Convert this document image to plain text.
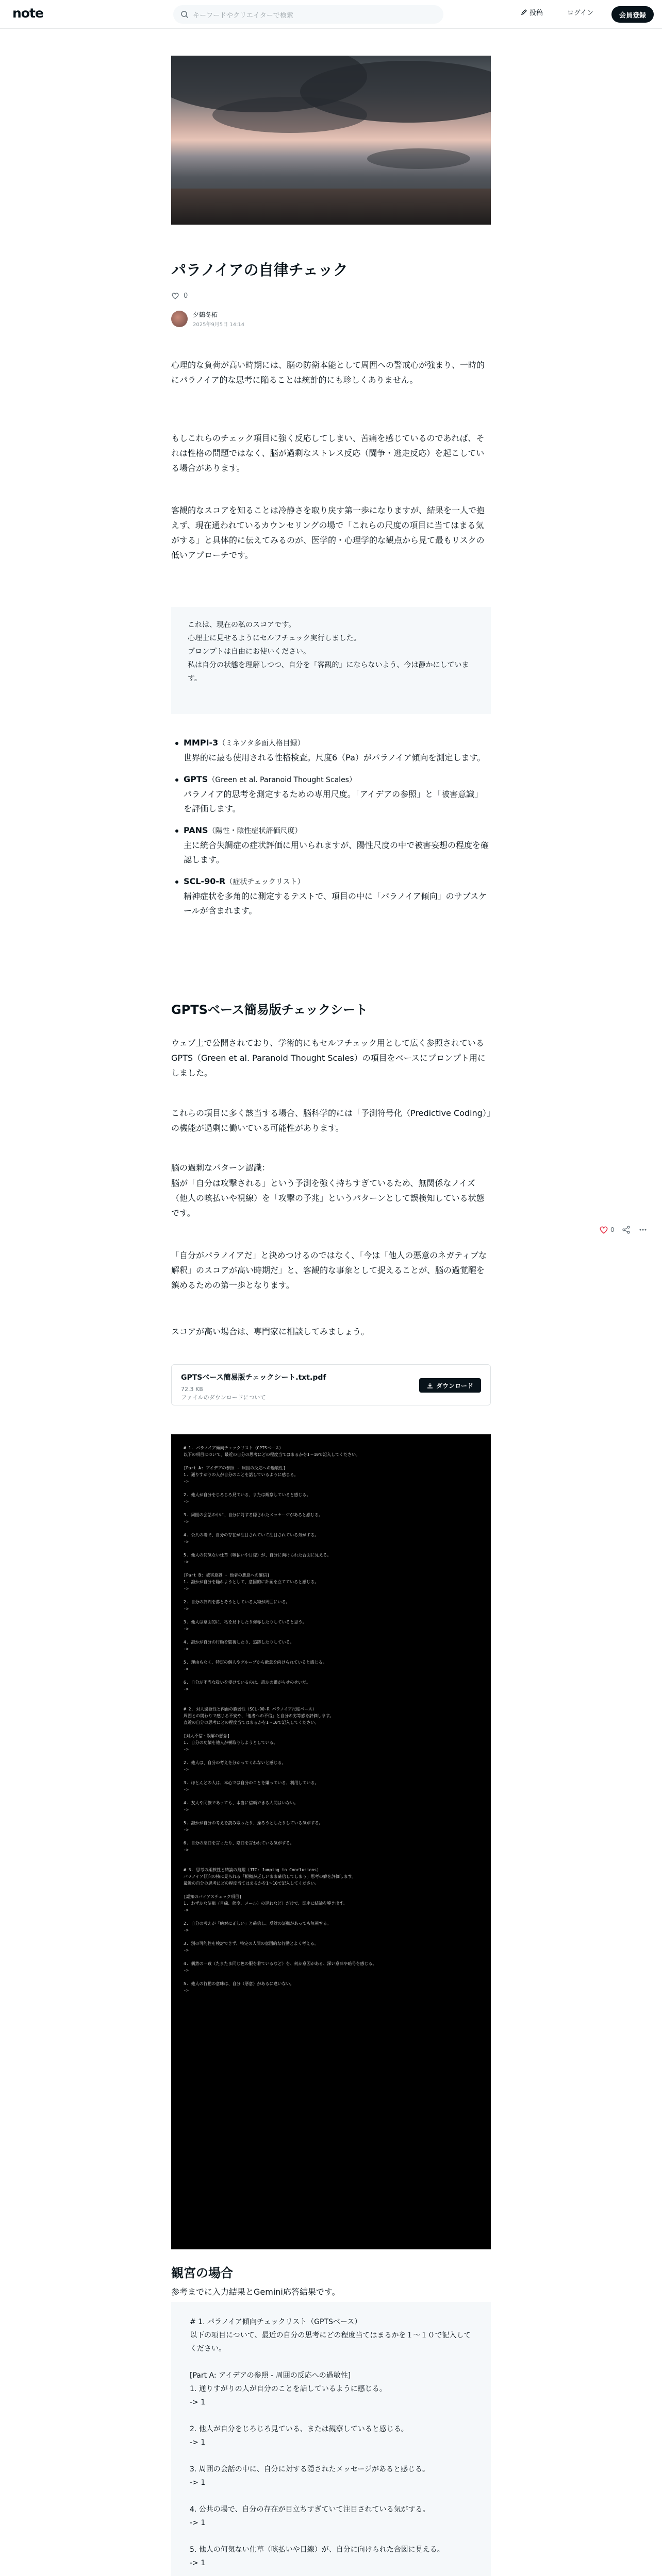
note	キーワードやクリエイターで検索	投稿	ログイン	会員登録
パラノイアの自律チェック
0
夕鶴冬柘
2025年9月5日 14:14

心理的な負荷が高い時期には、脳の防衛本能として周囲への警戒心が強まり、一時的にパラノイア的な思考に陥ることは統計的にも珍しくありません。

もしこれらのチェック項目に強く反応してしまい、苦痛を感じているのであれば、それは性格の問題ではなく、脳が過剰なストレス反応（闘争・逃走反応）を起こしている場合があります。

客観的なスコアを知ることは冷静さを取り戻す第一歩になりますが、結果を一人で抱えず、現在通われているカウンセリングの場で「これらの尺度の項目に当てはまる気がする」と具体的に伝えてみるのが、医学的・心理学的な観点から見て最もリスクの低いアプローチです。

これは、現在の私のスコアです。
心理士に見せるようにセルフチェック実行しました。
プロンプトは自由にお使いください。
私は自分の状態を理解しつつ、自分を「客観的」にならないよう、今は静かにしています。
MMPI-3（ミネソタ多面人格目録）
世界的に最も使用される性格検査。尺度6（Pa）がパラノイア傾向を測定します。
GPTS（Green et al. Paranoid Thought Scales）
パラノイア的思考を測定するための専用尺度。「アイデアの参照」と「被害意識」を評価します。
PANS（陽性・陰性症状評価尺度）
主に統合失調症の症状評価に用いられますが、陽性尺度の中で被害妄想の程度を確認します。
SCL-90-R（症状チェックリスト）
精神症状を多角的に測定するテストで、項目の中に「パラノイア傾向」のサブスケールが含まれます。
GPTSベース簡易版チェックシート

ウェブ上で公開されており、学術的にもセルフチェック用として広く参照されているGPTS（Green et al. Paranoid Thought Scales）の項目をベースにプロンプト用にしました。

これらの項目に多く該当する場合、脳科学的には「予測符号化（Predictive Coding）」の機能が過剰に働いている可能性があります。

脳の過剰なパターン認識：

脳が「自分は攻撃される」という予測を強く持ちすぎているため、無関係なノイズ（他人の咳払いや視線）を「攻撃の予兆」というパターンとして誤検知している状態です。

「自分がパラノイアだ」と決めつけるのではなく、「今は「他人の悪意のネガティブな解釈」のスコアが高い時期だ」と、客観的な事象として捉えることが、脳の過覚醒を鎮めるための第一歩となります。

スコアが高い場合は、専門家に相談してみましょう。

GPTSベース簡易版チェックシート.txt.pdf
72.3 KB
ファイルのダウンロードについて
ダウンロード
# 1. パラノイア傾向チェックリスト（GPTSベース）
以下の項目について、最近の自分の思考にどの程度当てはまるかを1〜10で記入してください。
[Part A: アイデアの参照 - 周囲の反応への過敏性]
1. 通りすがりの人が自分のことを話しているように感じる。
->
2. 他人が自分をじろじろ見ている、または観察していると感じる。
->
3. 周囲の会話の中に、自分に対する隠されたメッセージがあると感じる。
->
4. 公共の場で、自分の存在が注目されていて注目されている気がする。
->
5. 他人の何気ない仕草（咳払いや目線）が、自分に向けられた合図に見える。
->
[Part B: 被害意識 - 他者の悪意への確信]
1. 誰かが自分を陥れようとして、意図的に計画を立てていると感じる。
->
2. 自分の評判を落とそうとしている人物が周囲にいる。
->
3. 他人は意図的に、私を見下したり侮辱したりしていると思う。
->
4. 誰かが自分の行動を監視したり、追跡したりしている。
->
5. 理由もなく、特定の個人やグループから敵意を向けられていると感じる。
->
6. 自分が不当な扱いを受けているのは、誰かの嫌がらせのせいだ。
->
# 2. 対人過敏性と内面の脆弱性（SCL-90-R パラノイア尺度ベース）
周囲との関わりで感じる不安や、「他者への不信」と自分の劣等感を評価します。
直近の自分の思考にどの程度当てはまるかを1〜10で記入してください。
[対人不信・誤解の懸念]
1. 自分の功績を他人が横取りしようとしている。
->
2. 他人は、自分の考えを分かってくれないと感じる。
->
3. ほとんどの人は、本心では自分のことを嫌っている、利用している。
->
4. 友人や同僚であっても、本当に信頼できる人間はいない。
->
5. 誰かが自分の考えを読み取ったり、操ろうとしたりしている気がする。
->
6. 自分の悪口を言ったり、陰口を言われている気がする。
->
# 3. 思考の柔軟性と結論の飛躍（JTC: Jumping to Conclusions）
パラノイア傾向の核に見られる「根拠が乏しいまま確信してしまう」思考の癖を評価します。
最近の自分の思考にどの程度当てはまるかを1〜10で記入してください。
[認知のバイアスチェック項目]
1. わずかな証拠（目線、態度、メール）の遅れなど）だけで、即座に結論を導き出す。
->
2. 自分の考えが「絶対に正しい」と確信し、反対の証拠があっても無視する。
->
3. 別の可能性を検討できず、特定の人間の意図的な行動とよく考える。
->
4. 偶然の一致（たまたま同じ色の服を着ているなど）を、何か意図がある、深い意味や暗号を感じる。
->
5. 他人の行動の意味は、自分（悪意）があるに違いない。
->
0
観宮の場合

参考までに入力結果とGemini応答結果です。

# 1. パラノイア傾向チェックリスト（GPTSベース）
以下の項目について、最近の自分の思考にどの程度当てはまるかを１〜１０で記入してください。
[Part A: アイデアの参照 - 周囲の反応への過敏性]
1. 通りすがりの人が自分のことを話しているように感じる。
-> 1
2. 他人が自分をじろじろ見ている、または観察していると感じる。
-> 1
3. 周囲の会話の中に、自分に対する隠されたメッセージがあると感じる。
-> 1
4. 公共の場で、自分の存在が目立ちすぎていて注目されている気がする。
-> 1
5. 他人の何気ない仕草（咳払いや目線）が、自分に向けられた合図に見える。
-> 1
